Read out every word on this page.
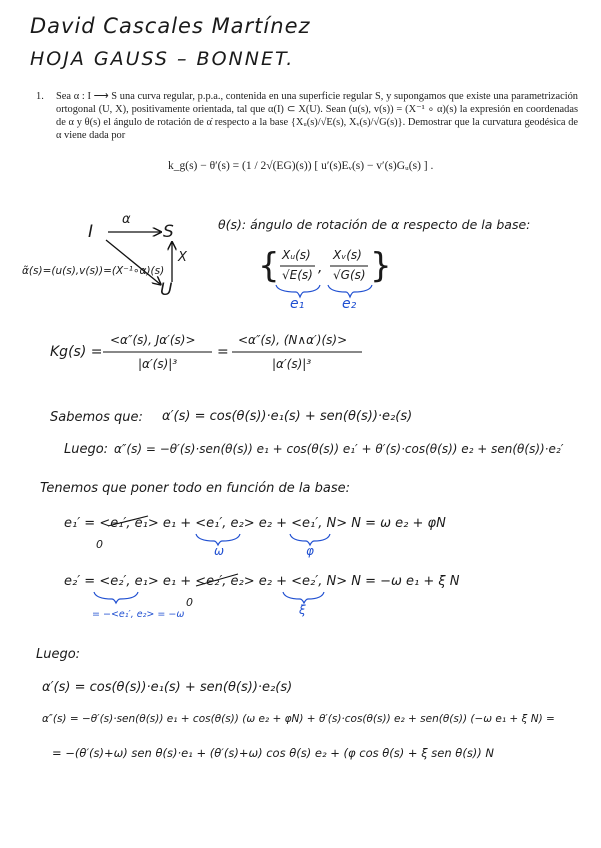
David Cascales Martínez
HOJA GAUSS – BONNET.
1. Sea α : I ⟶ S una curva regular, p.p.a., contenida en una superficie regular S, y supongamos que existe una parametrización ortogonal (U, X), positivamente orientada, tal que α(I) ⊂ X(U). Sean (u(s), v(s)) = (X⁻¹ ∘ α)(s) la expresión en coordenadas de α y θ(s) el ángulo de rotación de α̇ respecto a la base {Xᵤ(s)/√E(s), Xᵥ(s)/√G(s)}. Demostrar que la curvatura geodésica de α viene dada por
k_g(s) − θ′(s) = (1 / 2√(EG)(s)) [ u′(s)Eᵥ(s) − v′(s)Gᵤ(s) ] .
I
α
S
X
U
α̃(s)=(u(s),v(s))=(X⁻¹∘α)(s)
θ(s): ángulo de rotación de α respecto de la base:
{ Xᵤ(s)
√E(s) ,
Xᵥ(s)
√G(s) }
e₁	e₂
Kg(s) =
<α″(s), Jα′(s)>
|α′(s)|³
=
<α″(s), (N∧α′)(s)>
|α′(s)|³
Sabemos que: α′(s) = cos(θ(s))·e₁(s) + sen(θ(s))·e₂(s)
Luego: α″(s) = −θ′(s)·sen(θ(s)) e₁ + cos(θ(s)) e₁′ + θ′(s)·cos(θ(s)) e₂ + sen(θ(s))·e₂′
Tenemos que poner todo en función de la base:
e₁′ = <e₁′, e₁> e₁ + <e₁′, e₂> e₂ + <e₁′, N> N = ω e₂ + φN
0	ω	φ
e₂′ = <e₂′, e₁> e₁ + <e₂′, e₂> e₂ + <e₂′, N> N = −ω e₁ + ξ N
0
= −<e₁′, e₂> = −ω	ξ
Luego:
α′(s) = cos(θ(s))·e₁(s) + sen(θ(s))·e₂(s)
α″(s) = −θ′(s)·sen(θ(s)) e₁ + cos(θ(s)) (ω e₂ + φN) + θ′(s)·cos(θ(s)) e₂ + sen(θ(s)) (−ω e₁ + ξ N) =
= −(θ′(s)+ω) sen θ(s)·e₁ + (θ′(s)+ω) cos θ(s) e₂ + (φ cos θ(s) + ξ sen θ(s)) N
